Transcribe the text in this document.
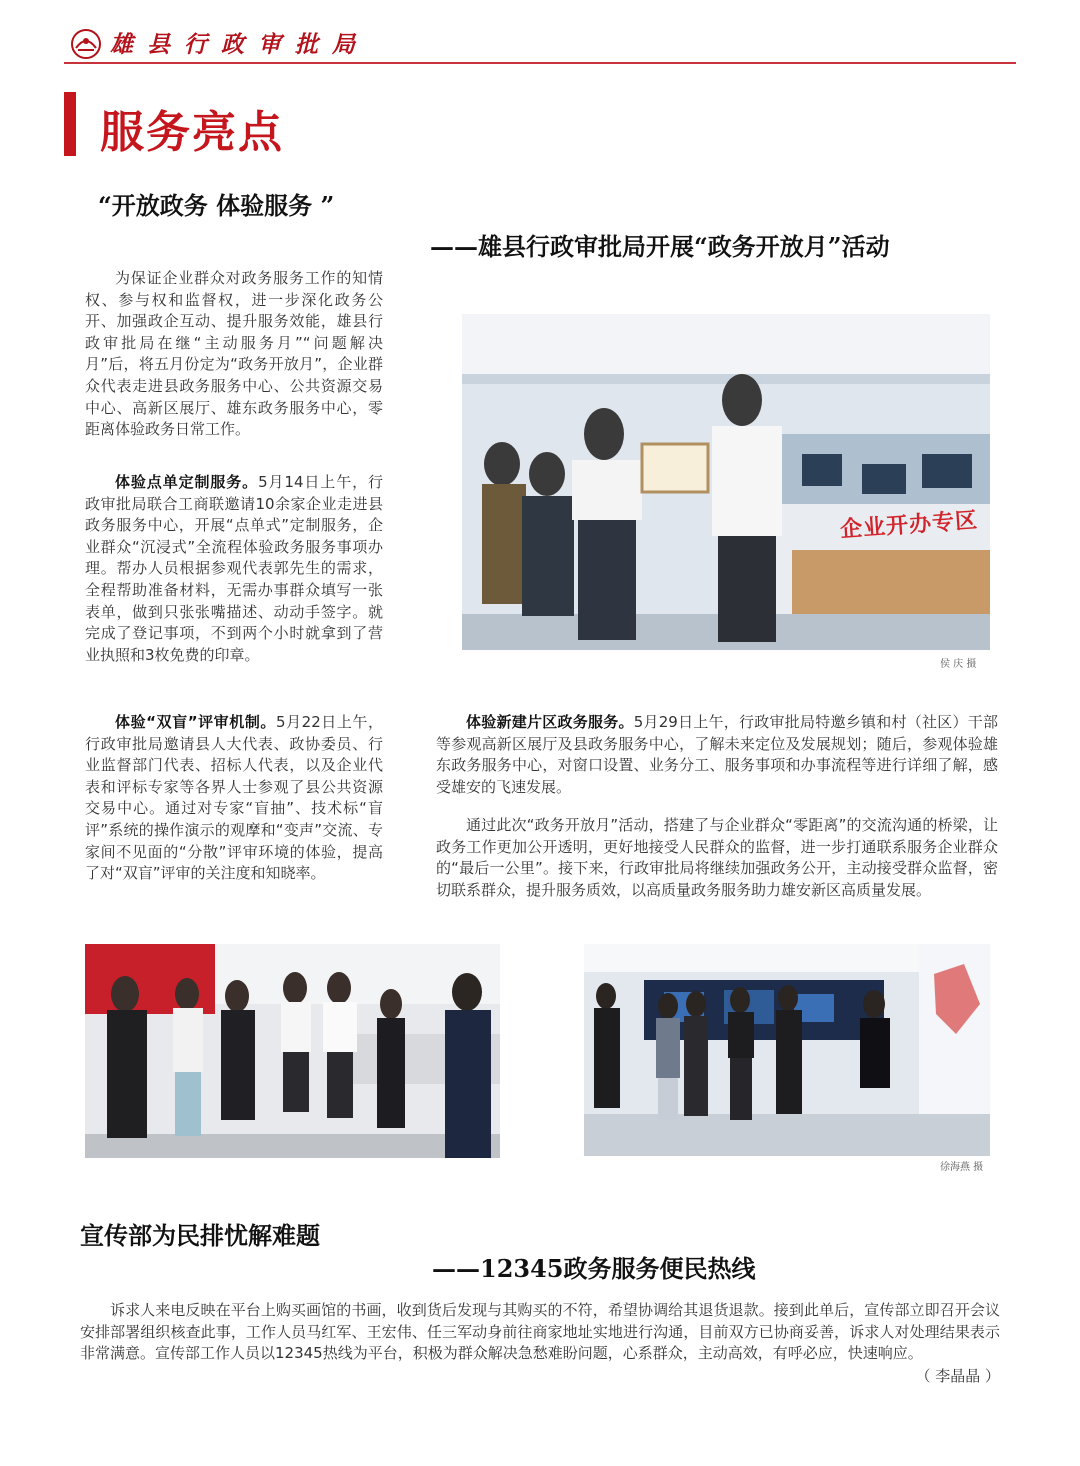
雄县行政审批局
服务亮点
“开放政务 体验服务 ”
——雄县行政审批局开展“政务开放月”活动

为保证企业群众对政务服务工作的知情权、参与权和监督权，进一步深化政务公开、加强政企互动、提升服务效能，雄县行政审批局在继“主动服务月”“问题解决月”后，将五月份定为“政务开放月”，企业群众代表走进县政务服务中心、公共资源交易中心、高新区展厅、雄东政务服务中心，零距离体验政务日常工作。

体验点单定制服务。5月14日上午，行政审批局联合工商联邀请10余家企业走进县政务服务中心，开展“点单式”定制服务，企业群众“沉浸式”全流程体验政务服务事项办理。帮办人员根据参观代表郭先生的需求，全程帮助准备材料，无需办事群众填写一张表单，做到只张张嘴描述、动动手签字。就完成了登记事项，不到两个小时就拿到了营业执照和3枚免费的印章。

体验“双盲”评审机制。5月22日上午，行政审批局邀请县人大代表、政协委员、行业监督部门代表、招标人代表，以及企业代表和评标专家等各界人士参观了县公共资源交易中心。通过对专家“盲抽”、技术标“盲评”系统的操作演示的观摩和“变声”交流、专家间不见面的“分散”评审环境的体验，提高了对“双盲”评审的关注度和知晓率。

企业开办专区
侯 庆 摄

体验新建片区政务服务。5月29日上午，行政审批局特邀乡镇和村（社区）干部等参观高新区展厅及县政务服务中心，了解未来定位及发展规划；随后，参观体验雄东政务服务中心，对窗口设置、业务分工、服务事项和办事流程等进行详细了解，感受雄安的飞速发展。

通过此次“政务开放月”活动，搭建了与企业群众“零距离”的交流沟通的桥梁，让政务工作更加公开透明，更好地接受人民群众的监督，进一步打通联系服务企业群众的“最后一公里”。接下来，行政审批局将继续加强政务公开，主动接受群众监督，密切联系群众，提升服务质效，以高质量政务服务助力雄安新区高质量发展。

徐海燕 摄
宣传部为民排忧解难题
——12345政务服务便民热线

诉求人来电反映在平台上购买画馆的书画，收到货后发现与其购买的不符，希望协调给其退货退款。接到此单后，宣传部立即召开会议安排部署组织核查此事，工作人员马红军、王宏伟、任三军动身前往商家地址实地进行沟通，目前双方已协商妥善，诉求人对处理结果表示非常满意。宣传部工作人员以12345热线为平台，积极为群众解决急愁难盼问题，心系群众，主动高效，有呼必应，快速响应。

（ 李晶晶 ）
